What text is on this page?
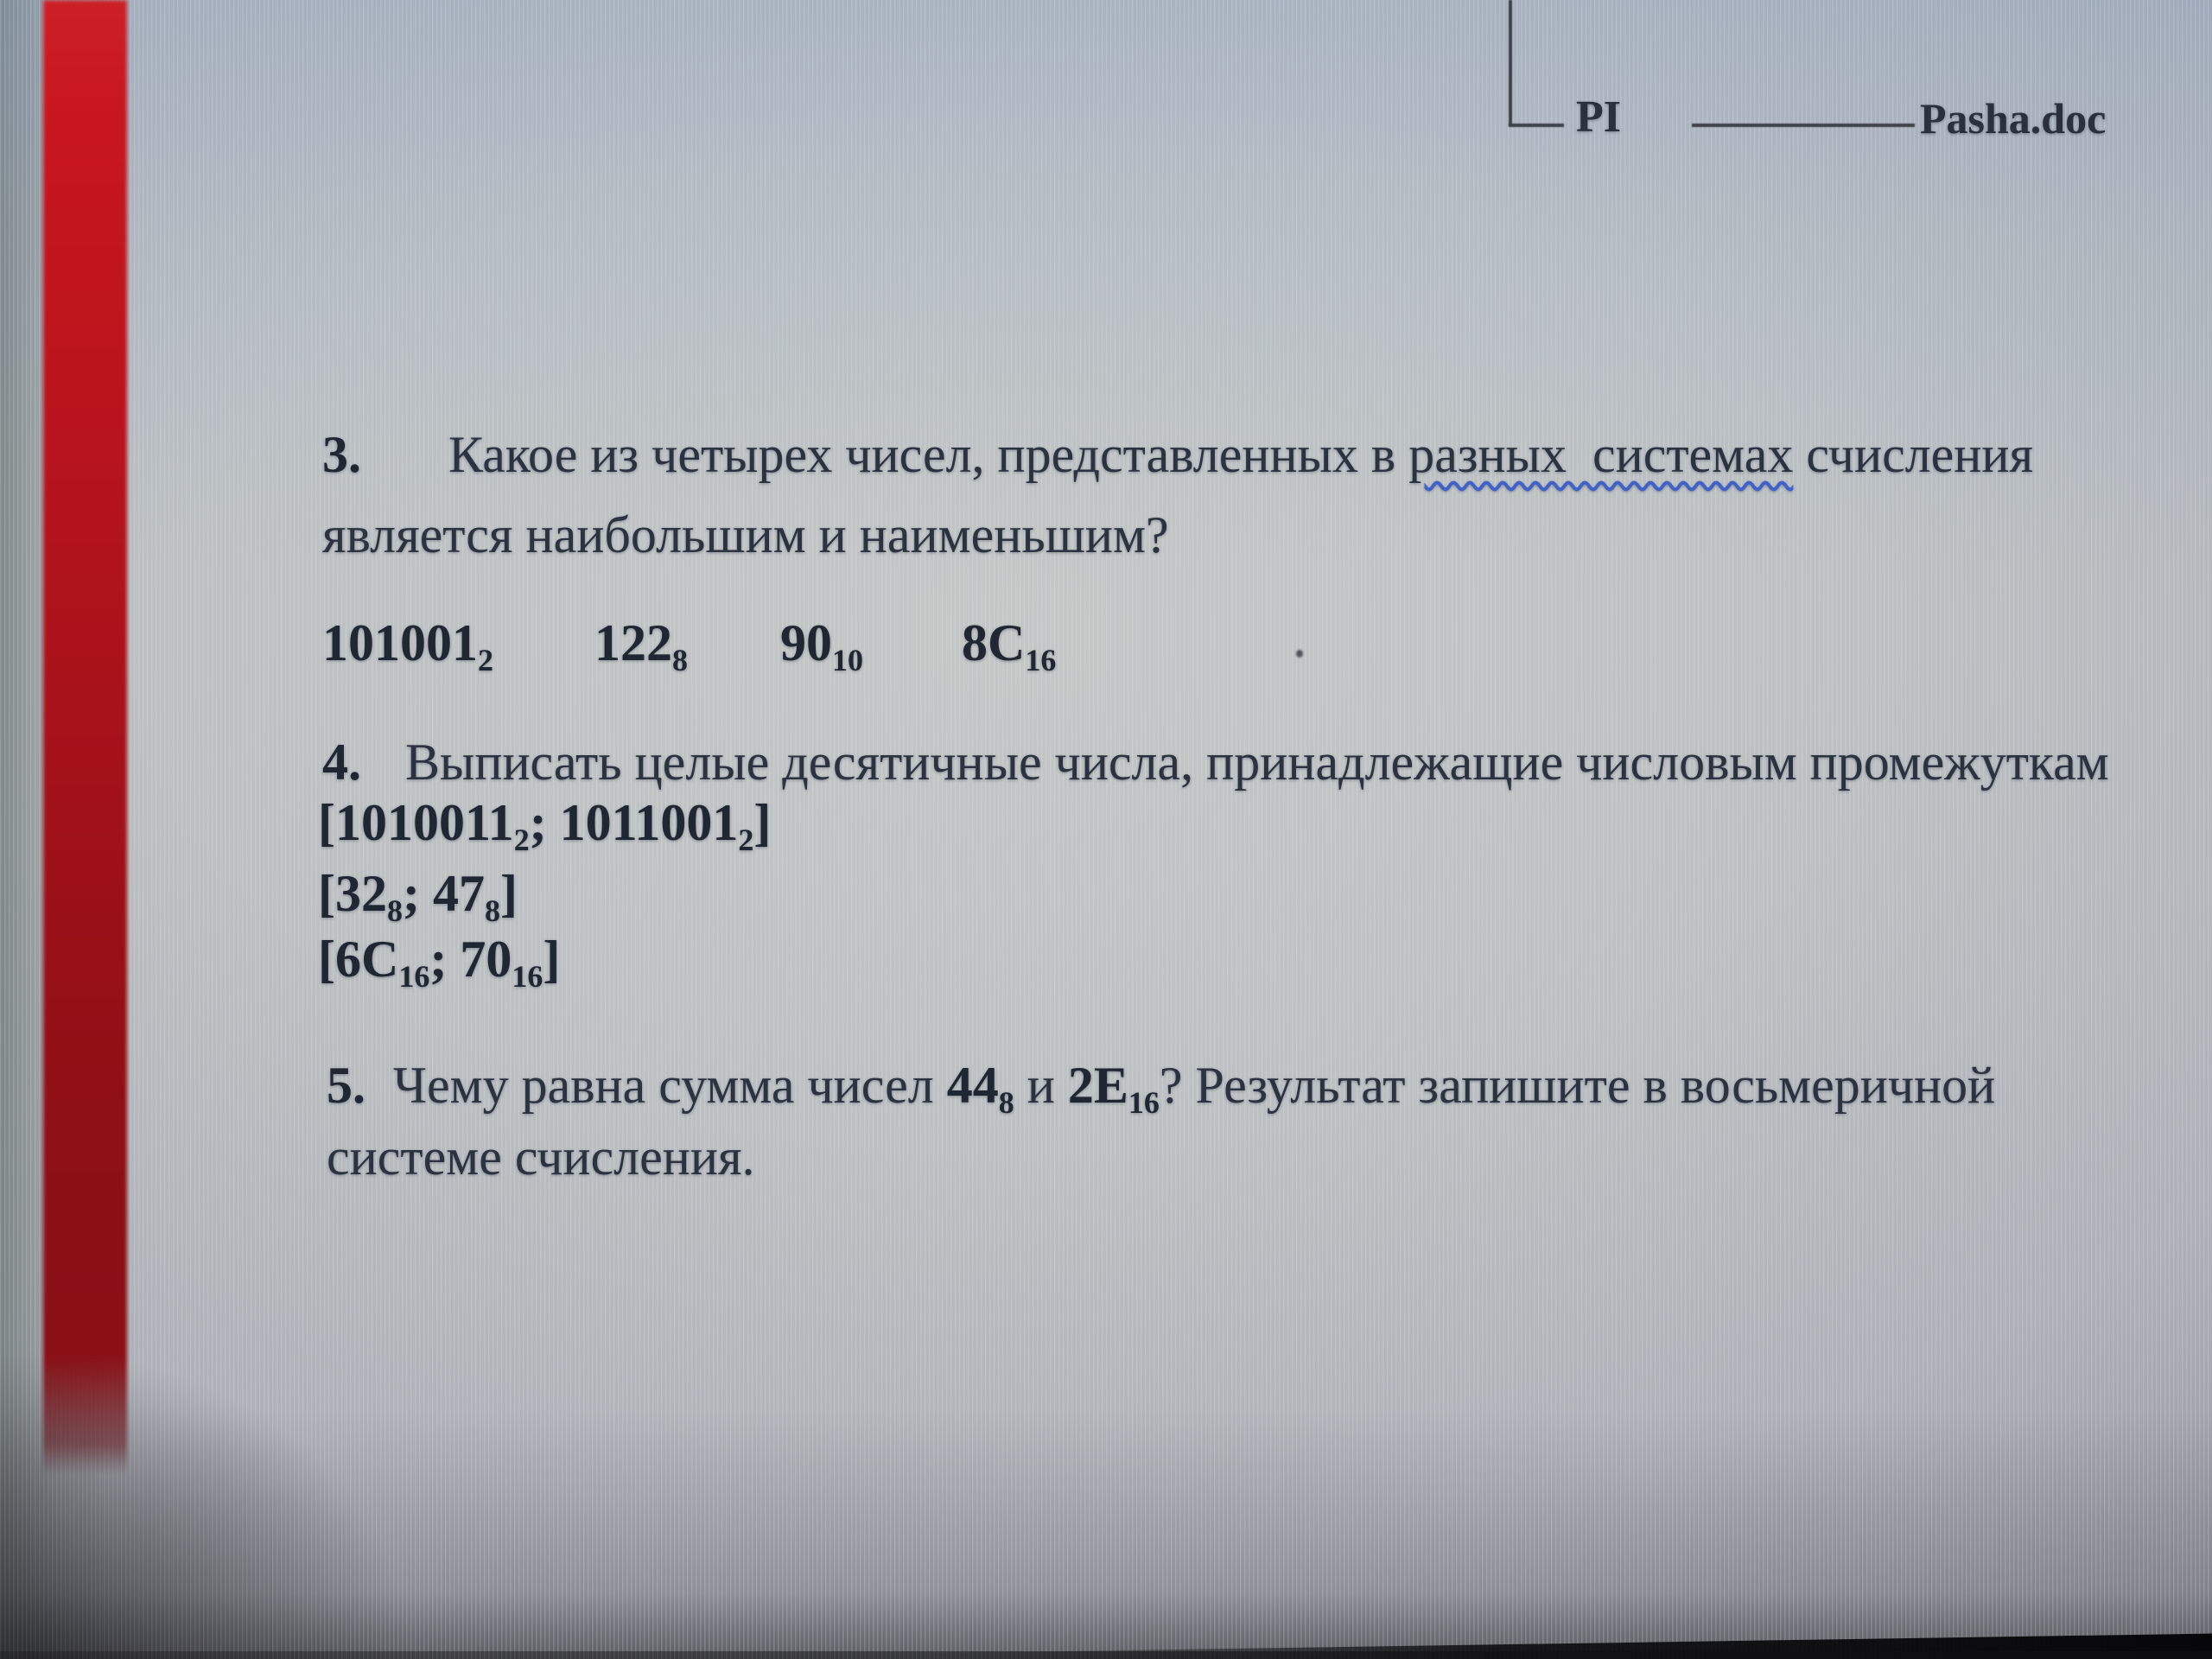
PI	Pasha.doc
3. Какое из четырех чисел, представленных в разных  системах счисления
является наибольшим и наименьшим?
$101001_2$ $122_8$ $90_{10}$ $8C_{16}$
4. Выписать целые десятичные числа, принадлежащие числовым промежуткам
[$1010011_2$; $1011001_2$]
[$32_8$; $47_8$]
[$6C_{16}$; $70_{16}$]
5. Чему равна сумма чисел $44_8$ и $2E_{16}$? Результат запишите в восьмеричной
системе счисления.
